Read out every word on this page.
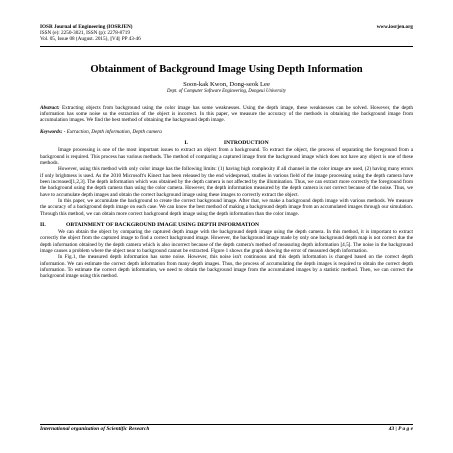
IOSR Journal of Engineering (IOSRJEN)
ISSN (e): 2250-3021, ISSN (p): 2278-8719
Vol. 05, Issue 08 (August. 2015), ||V4|| PP 43-46
www.iosrjen.org
Obtainment of Background Image Using Depth Information
Soon-kak Kwon, Dong-seok Lee
Dept. of Computer Software Engineering, Dongeui University
Abstract: Extracting objects from background using the color image has some weaknesses. Using the depth image, these weaknesses can be solved. However, the depth information has some noise so the extraction of the object is incorrect. In this paper, we measure the accuracy of the methods in obtaining the background image from accumulation images. We find the best method of obtaining the background depth image.
Keywords: - Extraction, Depth information, Depth camera
I.	INTRODUCTION

Image processing is one of the most important issues to extract an object from a background. To extract the object, the process of separating the foreground from a background is required. This process has various methods. The method of comparing a captured image from the background image which does not have any object is one of these methods.

However, using this method with only color image has the following limits: (1) having high complexity if all channel in the color image are used, (2) having many errors if only brightness is used. As the 2010 Microsoft's Kinect has been released by the end widespread, studies in various field of the image processing using the depth camera have been increased[1,2,3]. The depth information which was obtained by the depth camera is not affected by the illumination. Thus, we can extract more correctly the foreground from the background using the depth camera than using the color camera. However, the depth information measured by the depth camera is not correct because of the noise. Thus, we have to accumulate depth images and obtain the correct background image using these images to correctly extract the object.

In this paper, we accumulate the background to create the correct background image. After that, we make a background depth image with various methods. We measure the accuracy of a background depth image on each case. We can know the best method of making a background depth image from an accumulated images through our simulation. Through this method, we can obtain more correct background depth image using the depth information than the color image.

II.	OBTAINMENT OF BACKGROUND IMAGE USING DEPTH INFORMATION

We can obtain the object by comparing the captured depth image with the background depth image using the depth camera. In this method, it is important to extract correctly the object from the captured image to find a correct background image. However, the background image made by only one background depth map is not correct due the depth information obtained by the depth camera which is also incorrect because of the depth camera's method of measuring depth information [4,5]. The noise in the background image causes a problem where the object near to background cannot be extracted. Figure 1 shows the graph showing the error of measured depth information.

In Fig.1, the measured depth information has some noise. However, this noise isn't continuous and this depth information is changed based on the correct depth information. We can estimate the correct depth information from many depth images. Thus, the process of accumulating the depth images is required to obtain the correct depth information. To estimate the correct depth information, we need to obtain the background image from the accumulated images by a statistic method. Then, we can correct the background image using this method.

International organization of Scientific Research	43 | P a g e
